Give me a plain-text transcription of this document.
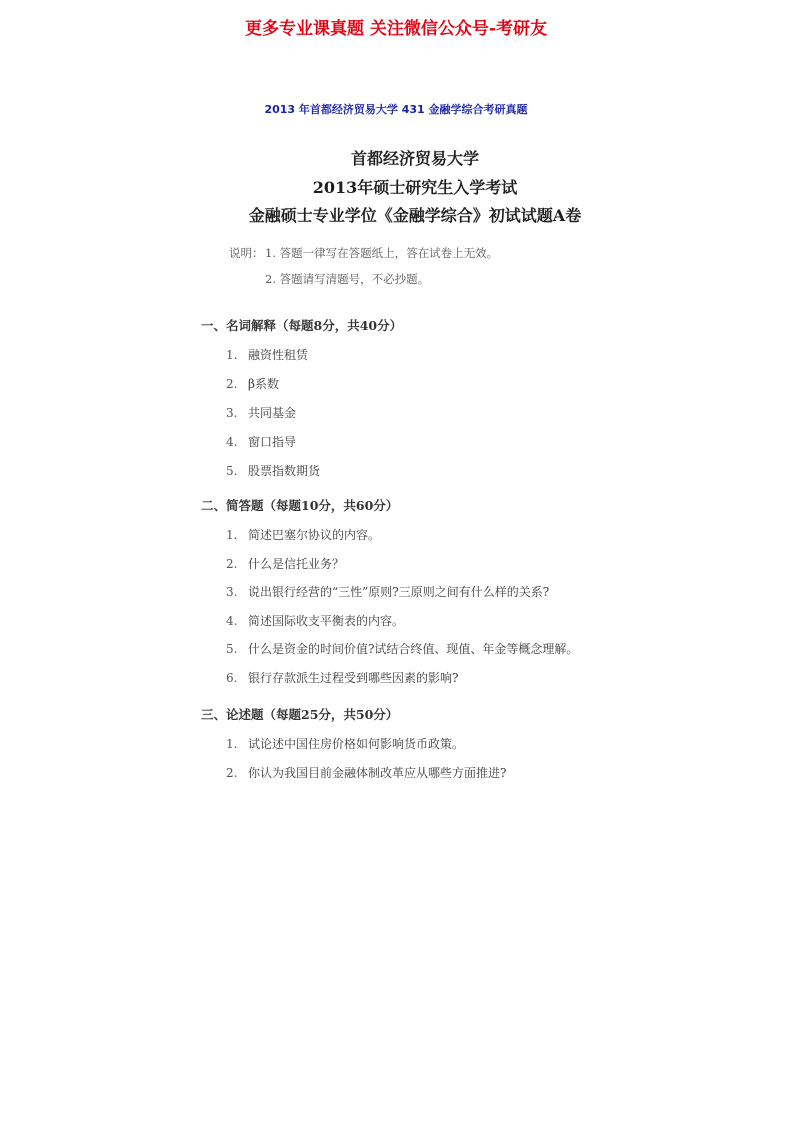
更多专业课真题 关注微信公众号-考研友
2013 年首都经济贸易大学 431 金融学综合考研真题
首都经济贸易大学
2013年硕士研究生入学考试
金融硕士专业学位《金融学综合》初试试题A卷
说明： 1. 答题一律写在答题纸上，答在试卷上无效。
2. 答题请写清题号，不必抄题。
一、名词解释（每题8分，共40分）
1. 融资性租赁
2. β系数
3. 共同基金
4. 窗口指导
5. 股票指数期货
二、简答题（每题10分，共60分）
1. 简述巴塞尔协议的内容。
2. 什么是信托业务？
3. 说出银行经营的“三性”原则?三原则之间有什么样的关系?
4. 简述国际收支平衡表的内容。
5. 什么是资金的时间价值?试结合终值、现值、年金等概念理解。
6. 银行存款派生过程受到哪些因素的影响?
三、论述题（每题25分，共50分）
1. 试论述中国住房价格如何影响货币政策。
2. 你认为我国目前金融体制改革应从哪些方面推进?
